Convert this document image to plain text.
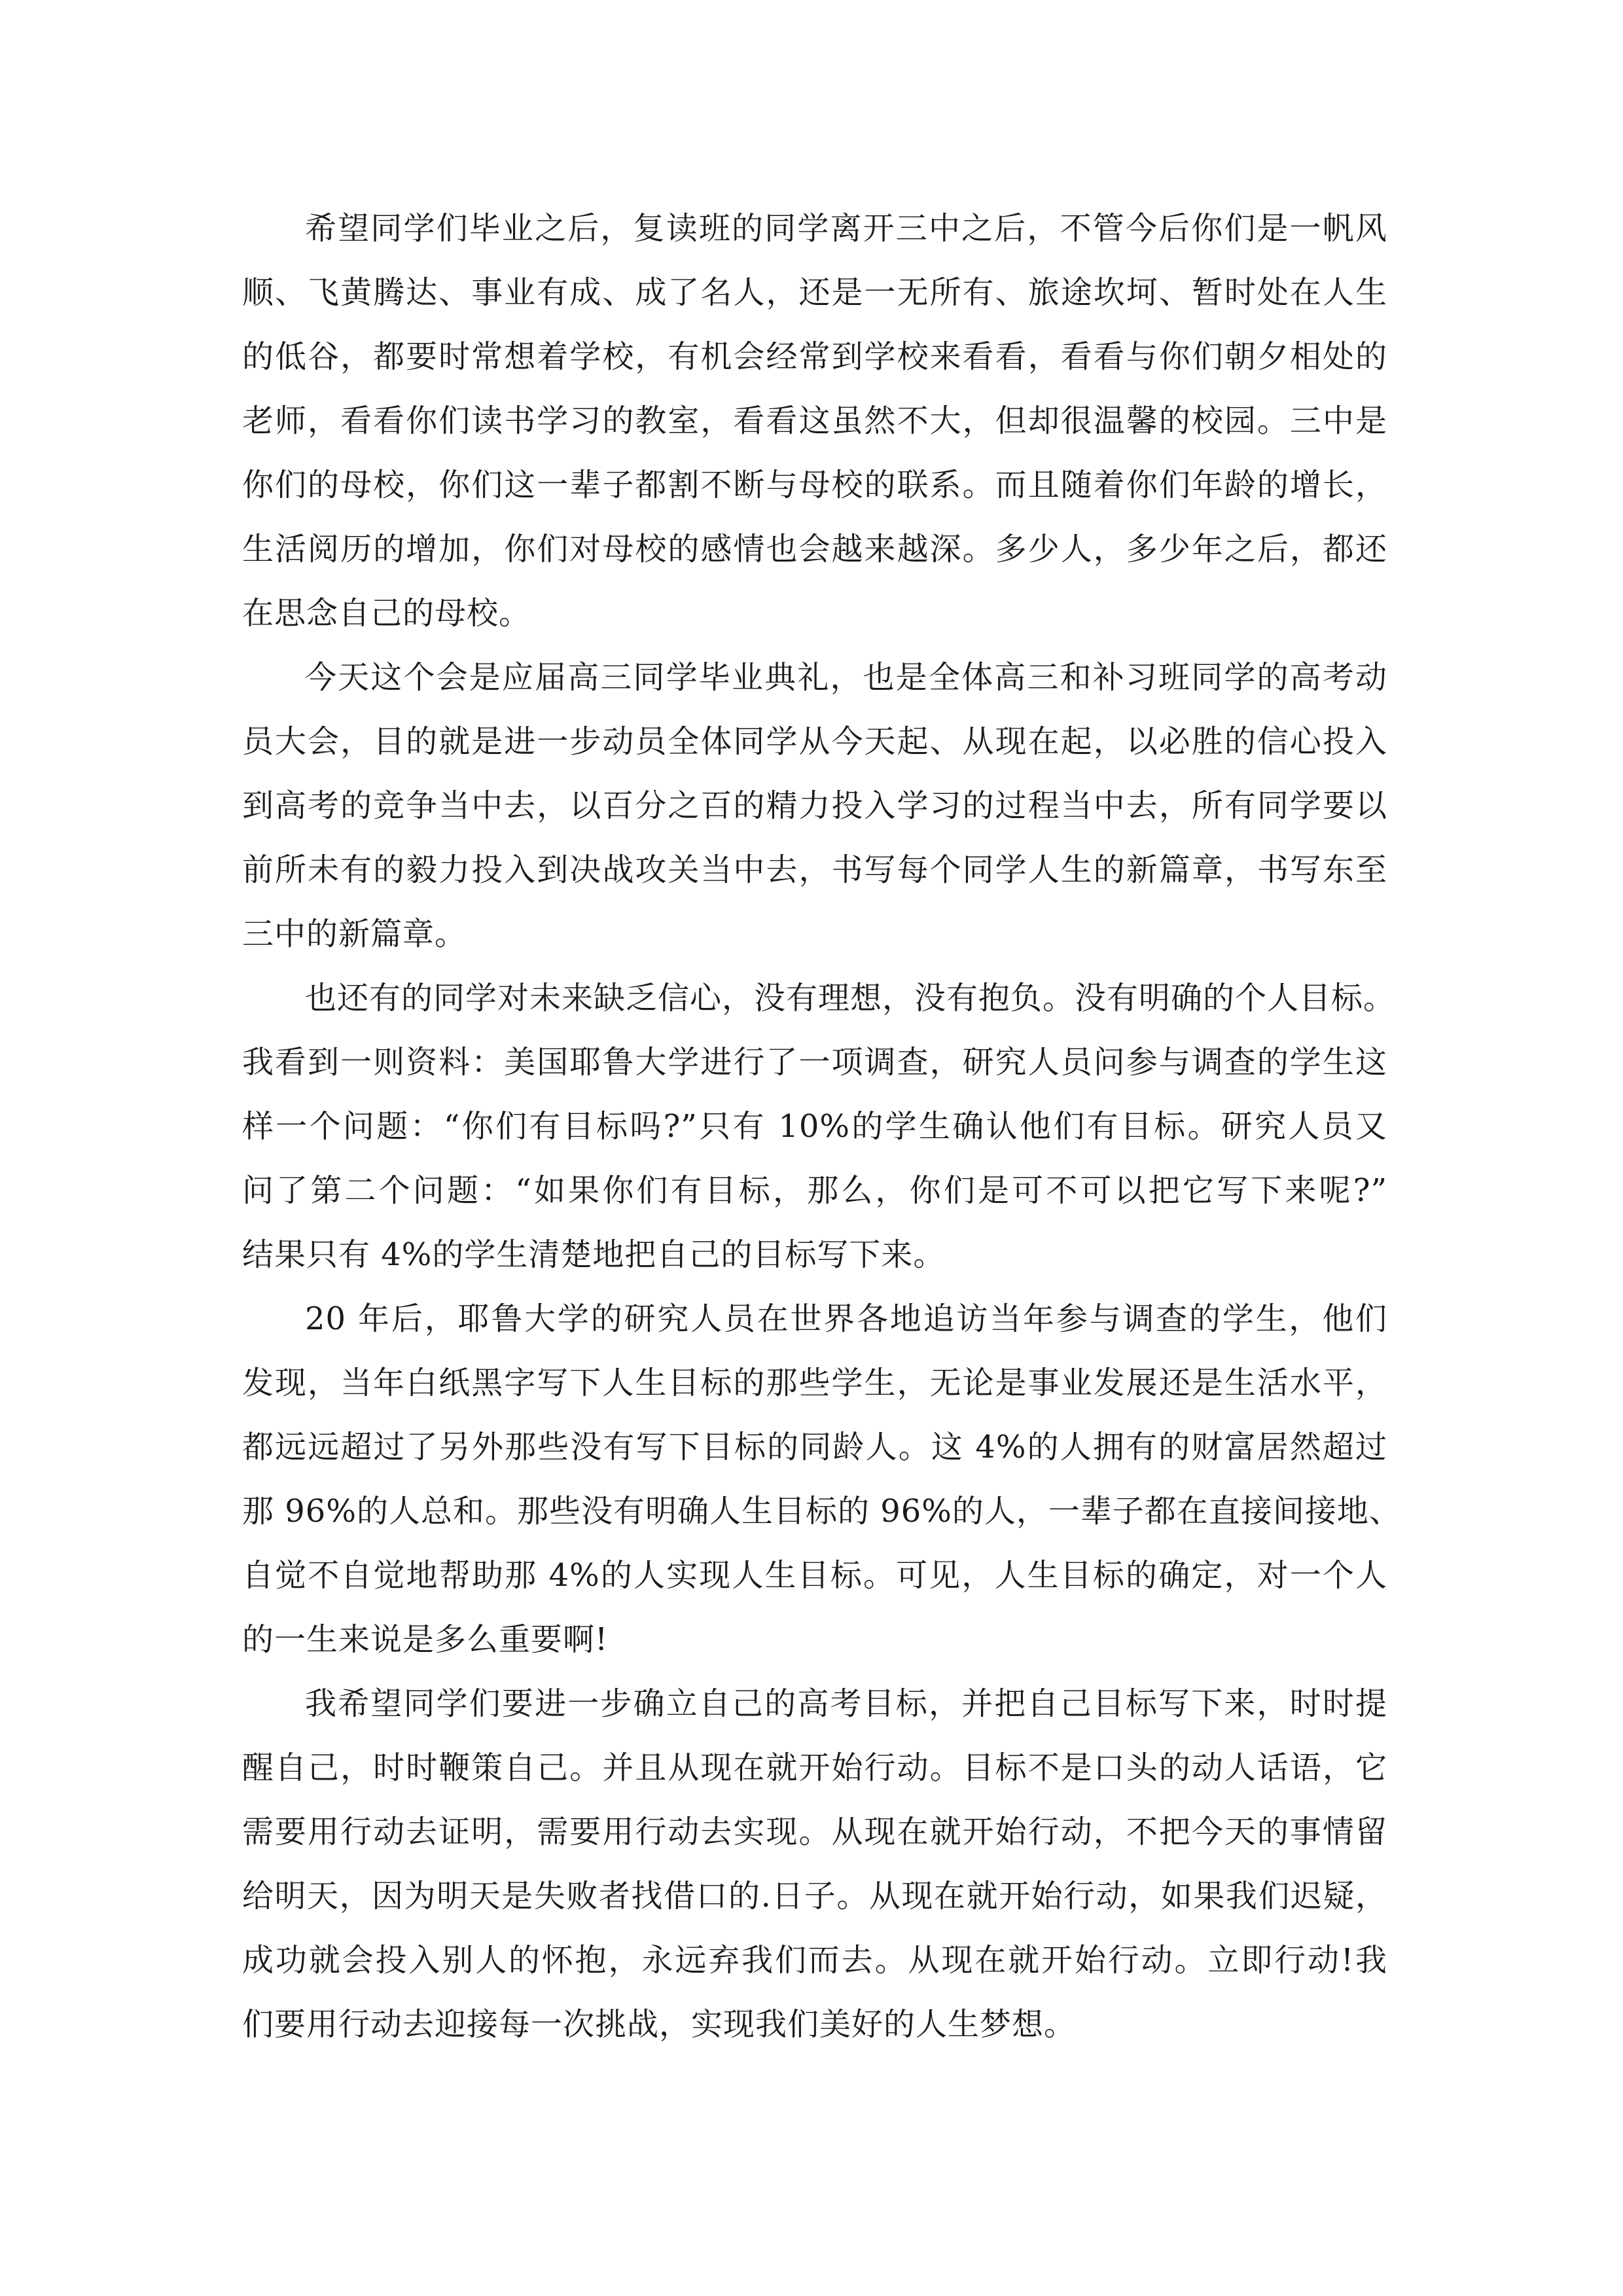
希望同学们毕业之后，复读班的同学离开三中之后，不管今后你们是一帆风
顺、飞黄腾达、事业有成、成了名人，还是一无所有、旅途坎坷、暂时处在人生
的低谷，都要时常想着学校，有机会经常到学校来看看，看看与你们朝夕相处的
老师，看看你们读书学习的教室，看看这虽然不大，但却很温馨的校园。三中是
你们的母校，你们这一辈子都割不断与母校的联系。而且随着你们年龄的增长，
生活阅历的增加，你们对母校的感情也会越来越深。多少人，多少年之后，都还
在思念自己的母校。

今天这个会是应届高三同学毕业典礼，也是全体高三和补习班同学的高考动
员大会，目的就是进一步动员全体同学从今天起、从现在起，以必胜的信心投入
到高考的竞争当中去，以百分之百的精力投入学习的过程当中去，所有同学要以
前所未有的毅力投入到决战攻关当中去，书写每个同学人生的新篇章，书写东至
三中的新篇章。

也还有的同学对未来缺乏信心，没有理想，没有抱负。没有明确的个人目标。
我看到一则资料：美国耶鲁大学进行了一项调查，研究人员问参与调查的学生这
样一个问题：“你们有目标吗?”只有 10%的学生确认他们有目标。研究人员又
问了第二个问题：“如果你们有目标，那么，你们是可不可以把它写下来呢?”
结果只有 4%的学生清楚地把自己的目标写下来。

20 年后，耶鲁大学的研究人员在世界各地追访当年参与调查的学生，他们
发现，当年白纸黑字写下人生目标的那些学生，无论是事业发展还是生活水平，
都远远超过了另外那些没有写下目标的同龄人。这 4%的人拥有的财富居然超过
那 96%的人总和。那些没有明确人生目标的 96%的人，一辈子都在直接间接地、
自觉不自觉地帮助那 4%的人实现人生目标。可见，人生目标的确定，对一个人
的一生来说是多么重要啊!

我希望同学们要进一步确立自己的高考目标，并把自己目标写下来，时时提
醒自己，时时鞭策自己。并且从现在就开始行动。目标不是口头的动人话语，它
需要用行动去证明，需要用行动去实现。从现在就开始行动，不把今天的事情留
给明天，因为明天是失败者找借口的.日子。从现在就开始行动，如果我们迟疑，
成功就会投入别人的怀抱，永远弃我们而去。从现在就开始行动。立即行动!我
们要用行动去迎接每一次挑战，实现我们美好的人生梦想。
